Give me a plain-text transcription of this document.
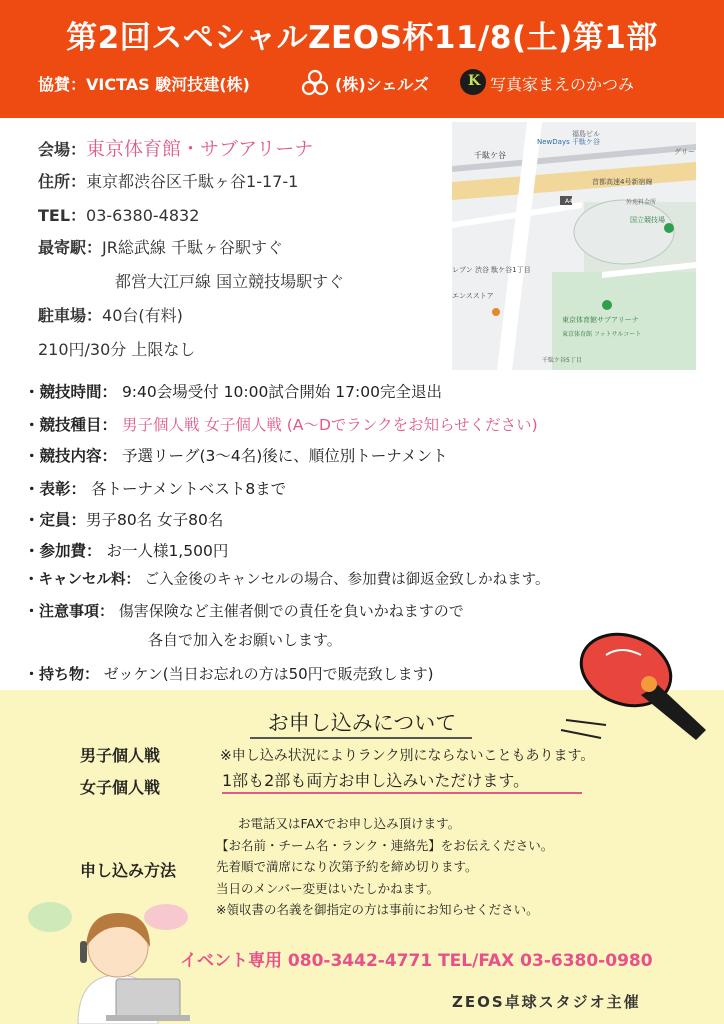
第2回スペシャルZEOS杯11/8(土)第1部
協賛：VICTAS 駿河技建(株)	(株)シェルズ
K	写真家まえのかつみ
会場：東京体育館・サブアリーナ
住所：東京都渋谷区千駄ヶ谷1-17-1
TEL：03-6380-4832
最寄駅：JR総武線 千駄ヶ谷駅すぐ
都営大江戸線 国立競技場駅すぐ
駐車場：40台(有料)
210円/30分 上限なし
福島ビル
NewDays 千駄ケ谷
千駄ケ谷
首都高速4号新宿線
国立競技場
外苑料金所
東京体育館サブアリーナ
東京体育館 フットサルコート
千駄ケ谷5丁目
レブン 渋谷 駄ケ谷1丁目
エンスストア
A4
グリー
・競技時間： 9:40会場受付 10:00試合開始 17:00完全退出
・競技種目： 男子個人戦 女子個人戦 (A～Dでランクをお知らせください)
・競技内容： 予選リーグ(3～4名)後に、順位別トーナメント
・表彰： 各トーナメントベスト8まで
・定員：男子80名 女子80名
・参加費： お一人様1,500円
・キャンセル料： ご入金後のキャンセルの場合、参加費は御返金致しかねます。
・注意事項： 傷害保険など主催者側での責任を負いかねますので
各自で加入をお願いします。
・持ち物： ゼッケン(当日お忘れの方は50円で販売致します)
お申し込みについて
男子個人戦
女子個人戦
※申し込み状況によりランク別にならないこともあります。
1部も2部も両方お申し込みいただけます。
申し込み方法
お電話又はFAXでお申し込み頂けます。
【お名前・チーム名・ランク・連絡先】をお伝えください。
先着順で満席になり次第予約を締め切ります。
当日のメンバー変更はいたしかねます。
※領収書の名義を御指定の方は事前にお知らせください。
イベント専用 080-3442-4771 TEL/FAX 03-6380-0980
ZEOS卓球スタジオ主催
